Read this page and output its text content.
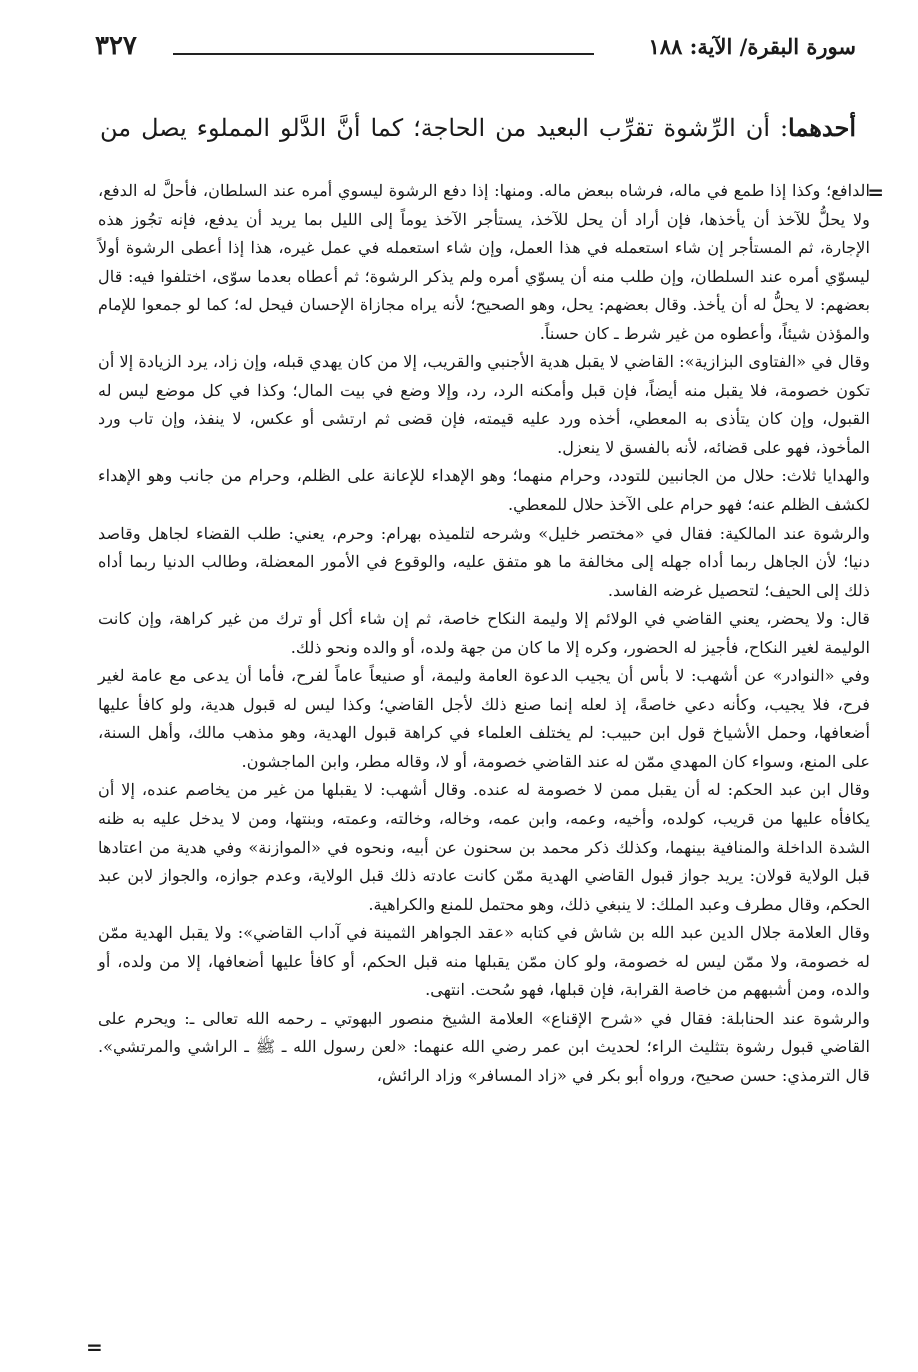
سورة البقرة/ الآية: ١٨٨
٣٢٧
أحدهما: أن الرِّشوة تقرِّب البعيد من الحاجة؛ كما أنَّ الدَّلو المملوء يصل من
=

الدافع؛ وكذا إذا طمع في ماله، فرشاه ببعض ماله. ومنها: إذا دفع الرشوة ليسوي أمره عند السلطان، فأحلَّ له الدفع، ولا يحلُّ للآخذ أن يأخذها، فإن أراد أن يحل للآخذ، يستأجر الآخذ يوماً إلى الليل بما يريد أن يدفع، فإنه تجُوز هذه الإجارة، ثم المستأجر إن شاء استعمله في هذا العمل، وإن شاء استعمله في عمل غيره، هذا إذا أعطى الرشوة أولاً ليسوّي أمره عند السلطان، وإن طلب منه أن يسوّي أمره ولم يذكر الرشوة؛ ثم أعطاه بعدما سوّى، اختلفوا فيه: قال بعضهم: لا يحلُّ له أن يأخذ. وقال بعضهم: يحل، وهو الصحيح؛ لأنه يراه مجازاة الإحسان فيحل له؛ كما لو جمعوا للإمام والمؤذن شيئاً، وأعطوه من غير شرط ـ كان حسناً.

وقال في «الفتاوى البزازية»: القاضي لا يقبل هدية الأجنبي والقريب، إلا من كان يهدي قبله، وإن زاد، يرد الزيادة إلا أن تكون خصومة، فلا يقبل منه أيضاً، فإن قبل وأمكنه الرد، رد، وإلا وضع في بيت المال؛ وكذا في كل موضع ليس له القبول، وإن كان يتأذى به المعطي، أخذه ورد عليه قيمته، فإن قضى ثم ارتشى أو عكس، لا ينفذ، وإن تاب ورد المأخوذ، فهو على قضائه، لأنه بالفسق لا ينعزل.

والهدايا ثلاث: حلال من الجانبين للتودد، وحرام منهما؛ وهو الإهداء للإعانة على الظلم، وحرام من جانب وهو الإهداء لكشف الظلم عنه؛ فهو حرام على الآخذ حلال للمعطي.

والرشوة عند المالكية: فقال في «مختصر خليل» وشرحه لتلميذه بهرام: وحرم، يعني: طلب القضاء لجاهل وقاصد دنيا؛ لأن الجاهل ربما أداه جهله إلى مخالفة ما هو متفق عليه، والوقوع في الأمور المعضلة، وطالب الدنيا ربما أداه ذلك إلى الحيف؛ لتحصيل غرضه الفاسد.

قال: ولا يحضر، يعني القاضي في الولائم إلا وليمة النكاح خاصة، ثم إن شاء أكل أو ترك من غير كراهة، وإن كانت الوليمة لغير النكاح، فأجيز له الحضور، وكره إلا ما كان من جهة ولده، أو والده ونحو ذلك.

وفي «النوادر» عن أشهب: لا بأس أن يجيب الدعوة العامة وليمة، أو صنيعاً عاماً لفرح، فأما أن يدعى مع عامة لغير فرح، فلا يجيب، وكأنه دعي خاصةً، إذ لعله إنما صنع ذلك لأجل القاضي؛ وكذا ليس له قبول هدية، ولو كافأ عليها أضعافها، وحمل الأشياخ قول ابن حبيب: لم يختلف العلماء في كراهة قبول الهدية، وهو مذهب مالك، وأهل السنة، على المنع، وسواء كان المهدي ممّن له عند القاضي خصومة، أو لا، وقاله مطر، وابن الماجشون.

وقال ابن عبد الحكم: له أن يقبل ممن لا خصومة له عنده. وقال أشهب: لا يقبلها من غير من يخاصم عنده، إلا أن يكافأه عليها من قريب، كولده، وأخيه، وعمه، وابن عمه، وخاله، وخالته، وعمته، وبنتها، ومن لا يدخل عليه به ظنه الشدة الداخلة والمنافية بينهما، وكذلك ذكر محمد بن سحنون عن أبيه، ونحوه في «الموازنة» وفي هدية من اعتادها قبل الولاية قولان: يريد جواز قبول القاضي الهدية ممّن كانت عادته ذلك قبل الولاية، وعدم جوازه، والجواز لابن عبد الحكم، وقال مطرف وعبد الملك: لا ينبغي ذلك، وهو محتمل للمنع والكراهية.

وقال العلامة جلال الدين عبد الله بن شاش في كتابه «عقد الجواهر الثمينة في آداب القاضي»: ولا يقبل الهدية ممّن له خصومة، ولا ممّن ليس له خصومة، ولو كان ممّن يقبلها منه قبل الحكم، أو كافأ عليها أضعافها، إلا من ولده، أو والده، ومن أشبههم من خاصة القرابة، فإن قبلها، فهو سُحت. انتهى.

والرشوة عند الحنابلة: فقال في «شرح الإقناع» العلامة الشيخ منصور البهوتي ـ رحمه الله تعالى ـ: ويحرم على القاضي قبول رشوة بتثليث الراء؛ لحديث ابن عمر رضي الله عنهما: «لعن رسول الله ـ ﷺ ـ الراشي والمرتشي». قال الترمذي: حسن صحيح، ورواه أبو بكر في «زاد المسافر» وزاد الرائش،

=
